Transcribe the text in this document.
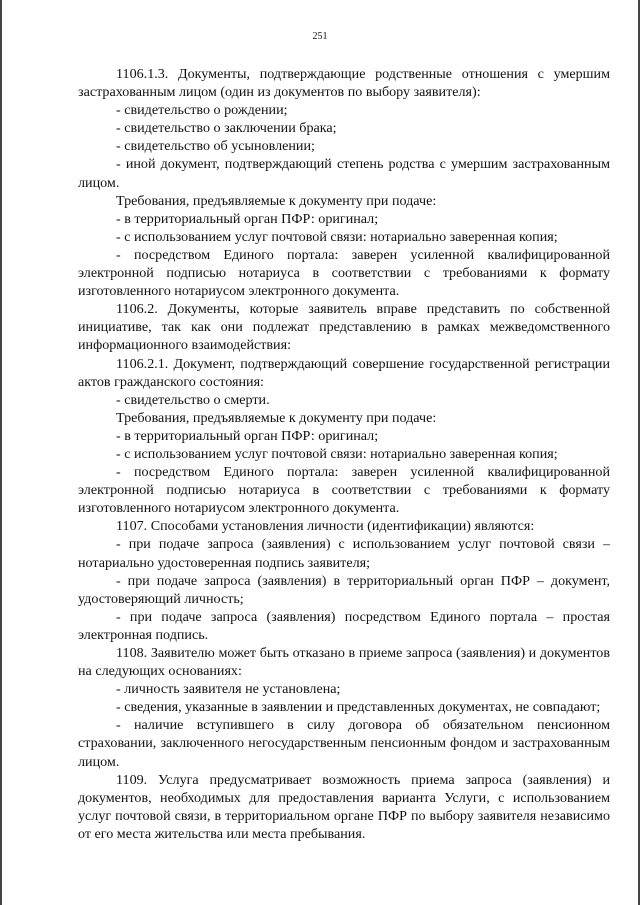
251

1106.1.3. Документы, подтверждающие родственные отношения с умершим застрахованным лицом (один из документов по выбору заявителя):

- свидетельство о рождении;

- свидетельство о заключении брака;

- свидетельство об усыновлении;

- иной документ, подтверждающий степень родства с умершим застрахованным лицом.

Требования, предъявляемые к документу при подаче:

- в территориальный орган ПФР: оригинал;

- с использованием услуг почтовой связи: нотариально заверенная копия;

- посредством Единого портала: заверен усиленной квалифицированной электронной подписью нотариуса в соответствии с требованиями к формату изготовленного нотариусом электронного документа.

1106.2. Документы, которые заявитель вправе представить по собственной инициативе, так как они подлежат представлению в рамках межведомственного информационного взаимодействия:

1106.2.1. Документ, подтверждающий совершение государственной регистрации актов гражданского состояния:

- свидетельство о смерти.

Требования, предъявляемые к документу при подаче:

- в территориальный орган ПФР: оригинал;

- с использованием услуг почтовой связи: нотариально заверенная копия;

- посредством Единого портала: заверен усиленной квалифицированной электронной подписью нотариуса в соответствии с требованиями к формату изготовленного нотариусом электронного документа.

1107. Способами установления личности (идентификации) являются:

- при подаче запроса (заявления) с использованием услуг почтовой связи – нотариально удостоверенная подпись заявителя;

- при подаче запроса (заявления) в территориальный орган ПФР – документ, удостоверяющий личность;

- при подаче запроса (заявления) посредством Единого портала – простая электронная подпись.

1108. Заявителю может быть отказано в приеме запроса (заявления) и документов на следующих основаниях:

- личность заявителя не установлена;

- сведения, указанные в заявлении и представленных документах, не совпадают;

- наличие вступившего в силу договора об обязательном пенсионном страховании, заключенного негосударственным пенсионным фондом и застрахованным лицом.

1109. Услуга предусматривает возможность приема запроса (заявления) и документов, необходимых для предоставления варианта Услуги, с использованием услуг почтовой связи, в территориальном органе ПФР по выбору заявителя независимо от его места жительства или места пребывания.
